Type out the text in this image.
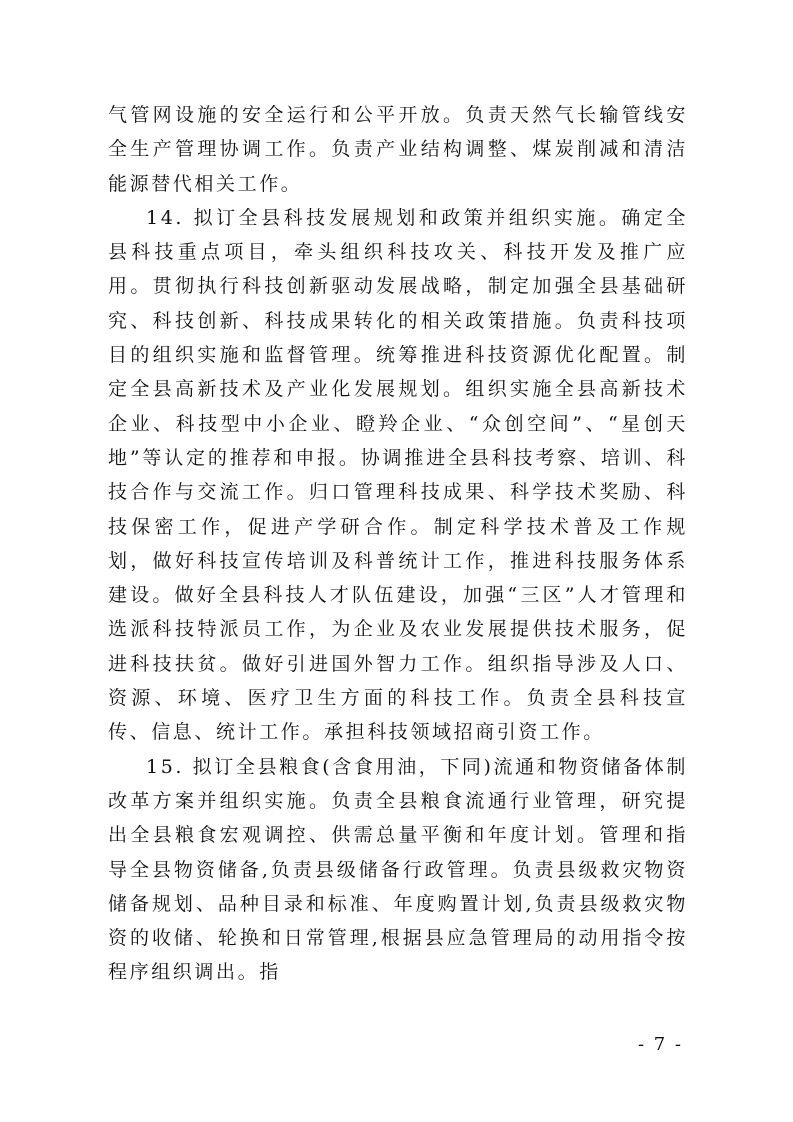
气管网设施的安全运行和公平开放。负责天然气长输管线安全生产管理协调工作。负责产业结构调整、煤炭削减和清洁能源替代相关工作。

14. 拟订全县科技发展规划和政策并组织实施。确定全县科技重点项目，牵头组织科技攻关、科技开发及推广应用。贯彻执行科技创新驱动发展战略，制定加强全县基础研究、科技创新、科技成果转化的相关政策措施。负责科技项目的组织实施和监督管理。统筹推进科技资源优化配置。制定全县高新技术及产业化发展规划。组织实施全县高新技术企业、科技型中小企业、瞪羚企业、“众创空间”、“星创天地”等认定的推荐和申报。协调推进全县科技考察、培训、科技合作与交流工作。归口管理科技成果、科学技术奖励、科技保密工作，促进产学研合作。制定科学技术普及工作规划，做好科技宣传培训及科普统计工作，推进科技服务体系建设。做好全县科技人才队伍建设，加强“三区”人才管理和选派科技特派员工作，为企业及农业发展提供技术服务，促进科技扶贫。做好引进国外智力工作。组织指导涉及人口、资源、环境、医疗卫生方面的科技工作。负责全县科技宣传、信息、统计工作。承担科技领域招商引资工作。

15. 拟订全县粮食(含食用油，下同)流通和物资储备体制改革方案并组织实施。负责全县粮食流通行业管理，研究提出全县粮食宏观调控、供需总量平衡和年度计划。管理和指导全县物资储备,负责县级储备行政管理。负责县级救灾物资储备规划、品种目录和标准、年度购置计划,负责县级救灾物资的收储、轮换和日常管理,根据县应急管理局的动用指令按程序组织调出。指

- 7 -
